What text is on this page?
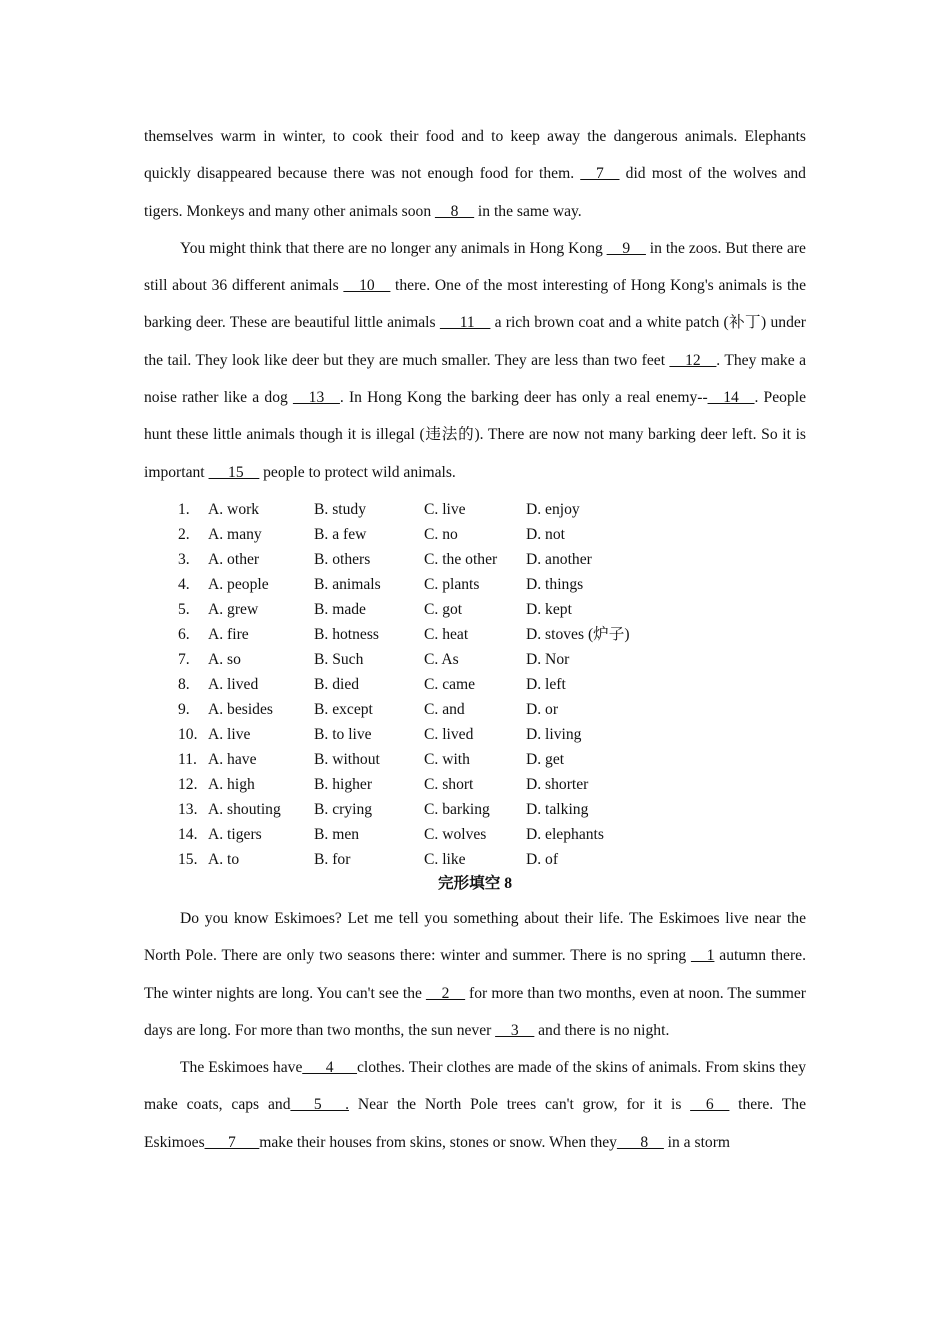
themselves warm in winter, to cook their food and to keep away the dangerous animals. Elephants quickly disappeared because there was not enough food for them. __7__ did most of the wolves and tigers. Monkeys and many other animals soon __8__ in the same way.

You might think that there are no longer any animals in Hong Kong __9__ in the zoos. But there are still about 36 different animals __10__ there. One of the most interesting of Hong Kong's animals is the barking deer. These are beautiful little animals  __11__ a rich brown coat and a white patch (补丁) under the tail. They look like deer but they are much smaller. They are less than two feet __12__. They make a noise rather like a dog __13__. In Hong Kong the barking deer has only a real enemy--__14__. People hunt these little animals though it is illegal (违法的). There are now not many barking deer left. So it is important  __15__ people to protect wild animals.

1.	A. work	B. study	C. live	D. enjoy
2.	A. many	B. a few	C. no	D. not
3.	A. other	B. others	C. the other	D. another
4.	A. people	B. animals	C. plants	D. things
5.	A. grew	B. made	C. got	D. kept
6.	A. fire	B. hotness	C. heat	D. stoves (炉子)
7.	A. so	B. Such	C. As	D. Nor
8.	A. lived	B. died	C. came	D. left
9.	A. besides	B. except	C. and	D. or
10. A. live	B. to live	C. lived	D. living
11. A. have	B. without	C. with	D. get
12. A. high	B. higher	C. short	D. shorter
13. A. shouting	B. crying	C. barking	D. talking
14. A. tigers	B. men	C. wolves	D. elephants
15. A. to	B. for	C. like	D. of
完形填空 8

Do you know Eskimoes? Let me tell you something about their life. The Eskimoes live near the North Pole. There are only two seasons there: winter and summer. There is no spring __1 autumn there. The winter nights are long. You can't see the __2__ for more than two months, even at noon. The summer days are long. For more than two months, the sun never __3__ and there is no night.

The Eskimoes have___4___clothes. Their clothes are made of the skins of animals. From skins they make coats, caps and___5___. Near the North Pole trees can't grow, for it is __6__ there. The Eskimoes___7___make their houses from skins, stones or snow. When they___8__ in a storm
